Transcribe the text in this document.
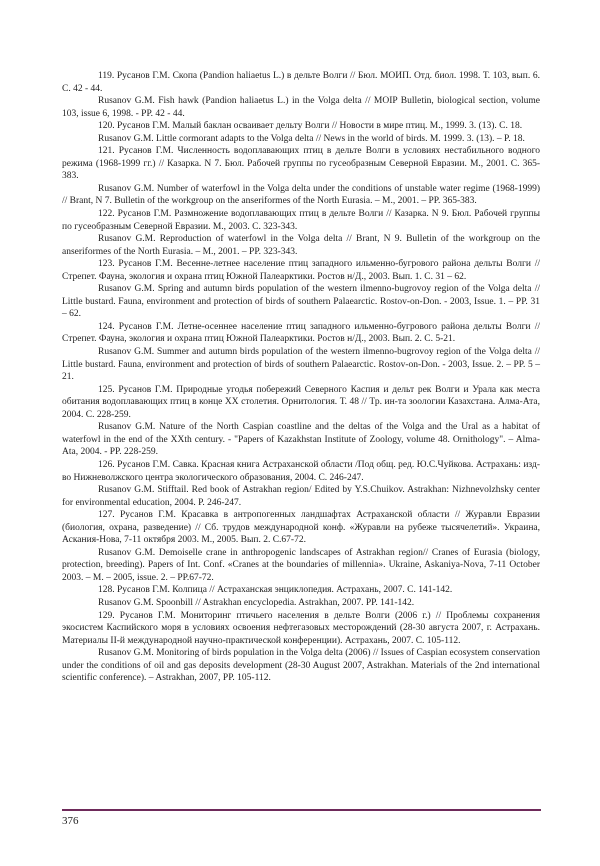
119. Русанов Г.М. Скопа (Pandion haliaetus L.) в дельте Волги // Бюл. МОИП. Отд. биол. 1998. Т. 103, вып. 6. С. 42 - 44.

Rusanov G.M. Fish hawk (Pandion haliaetus L.) in the Volga delta // MOIP Bulletin, biological section, volume 103, issue 6, 1998. - PP. 42 - 44.

120. Русанов Г.М. Малый баклан осваивает дельту Волги // Новости в мире птиц. М., 1999. 3. (13). С. 18.

Rusanov G.M. Little cormorant adapts to the Volga delta // News in the world of birds. M. 1999. 3. (13). – P. 18.

121. Русанов Г.М. Численность водоплавающих птиц в дельте Волги в условиях нестабильного водного режима (1968-1999 гг.) // Казарка. N 7. Бюл. Рабочей группы по гусеобразным Северной Евразии. М., 2001. С. 365-383.

Rusanov G.M. Number of waterfowl in the Volga delta under the conditions of unstable water regime (1968-1999) // Brant, N 7. Bulletin of the workgroup on the anseriformes of the North Eurasia. – M., 2001. – PP. 365-383.

122. Русанов Г.М. Размножение водоплавающих птиц в дельте Волги // Казарка. N 9. Бюл. Рабочей группы по гусеобразным Северной Евразии. М., 2003. С. 323-343.

Rusanov G.M. Reproduction of waterfowl in the Volga delta // Brant, N 9. Bulletin of the workgroup on the anseriformes of the North Eurasia. – M., 2001. – PP. 323-343.

123. Русанов Г.М. Весенне-летнее население птиц западного ильменно-бугрового района дельты Волги // Стрепет. Фауна, экология и охрана птиц Южной Палеарктики. Ростов н/Д., 2003. Вып. 1. С. 31 – 62.

Rusanov G.M. Spring and autumn birds population of the western ilmenno-bugrovoy region of the Volga delta // Little bustard. Fauna, environment and protection of birds of southern Palaearctic. Rostov-on-Don. - 2003, Issue. 1. – PP. 31 – 62.

124. Русанов Г.М. Летне-осеннее население птиц западного ильменно-бугрового района дельты Волги // Стрепет. Фауна, экология и охрана птиц Южной Палеарктики. Ростов н/Д., 2003. Вып. 2. С. 5-21.

Rusanov G.M. Summer and autumn birds population of the western ilmenno-bugrovoy region of the Volga delta // Little bustard. Fauna, environment and protection of birds of southern Palaearctic. Rostov-on-Don. - 2003, Issue. 2. – PP. 5 – 21.

125. Русанов Г.М. Природные угодья побережий Северного Каспия и дельт рек Волги и Урала как места обитания водоплавающих птиц в конце ХХ столетия. Орнитология. Т. 48 // Тр. ин-та зоологии Казахстана. Алма-Ата, 2004. С. 228-259.

Rusanov G.M. Nature of the North Caspian coastline and the deltas of the Volga and the Ural as a habitat of waterfowl in the end of the XXth century. - "Papers of Kazakhstan Institute of Zoology, volume 48. Ornithology". – Alma-Ata, 2004. - PP. 228-259.

126. Русанов Г.М. Савка. Красная книга Астраханской области /Под общ. ред. Ю.С.Чуйкова. Астрахань: изд-во Нижневолжского центра экологического образования, 2004. С. 246-247.

Rusanov G.M. Stifftail. Red book of Astrakhan region/ Edited by Y.S.Chuikov. Astrakhan: Nizhnevolzhsky center for environmental education, 2004. P. 246-247.

127. Русанов Г.М. Красавка в антропогенных ландшафтах Астраханской области // Журавли Евразии (биология, охрана, разведение) // Сб. трудов международной конф. «Журавли на рубеже тысячелетий». Украина, Аскания-Нова, 7-11 октября 2003. М., 2005. Вып. 2. С.67-72.

Rusanov G.M. Demoiselle crane in anthropogenic landscapes of Astrakhan region// Cranes of Eurasia (biology, protection, breeding). Papers of Int. Conf. «Cranes at the boundaries of millennia». Ukraine, Askaniya-Nova, 7-11 October 2003. – M. – 2005, issue. 2. – PP.67-72.

128. Русанов Г.М. Колпица // Астраханская энциклопедия. Астрахань, 2007. С. 141-142.

Rusanov G.M. Spoonbill // Astrakhan encyclopedia. Astrakhan, 2007. PP. 141-142.

129. Русанов Г.М. Мониторинг птичьего населения в дельте Волги (2006 г.) // Проблемы сохранения экосистем Каспийского моря в условиях освоения нефтегазовых месторождений (28-30 августа 2007, г. Астрахань. Материалы II-й международной научно-практической конференции). Астрахань, 2007. С. 105-112.

Rusanov G.M. Monitoring of birds population in the Volga delta (2006) // Issues of Caspian ecosystem conservation under the conditions of oil and gas deposits development (28-30 August 2007, Astrakhan. Materials of the 2nd international scientific conference). – Astrakhan, 2007, PP. 105-112.

376
